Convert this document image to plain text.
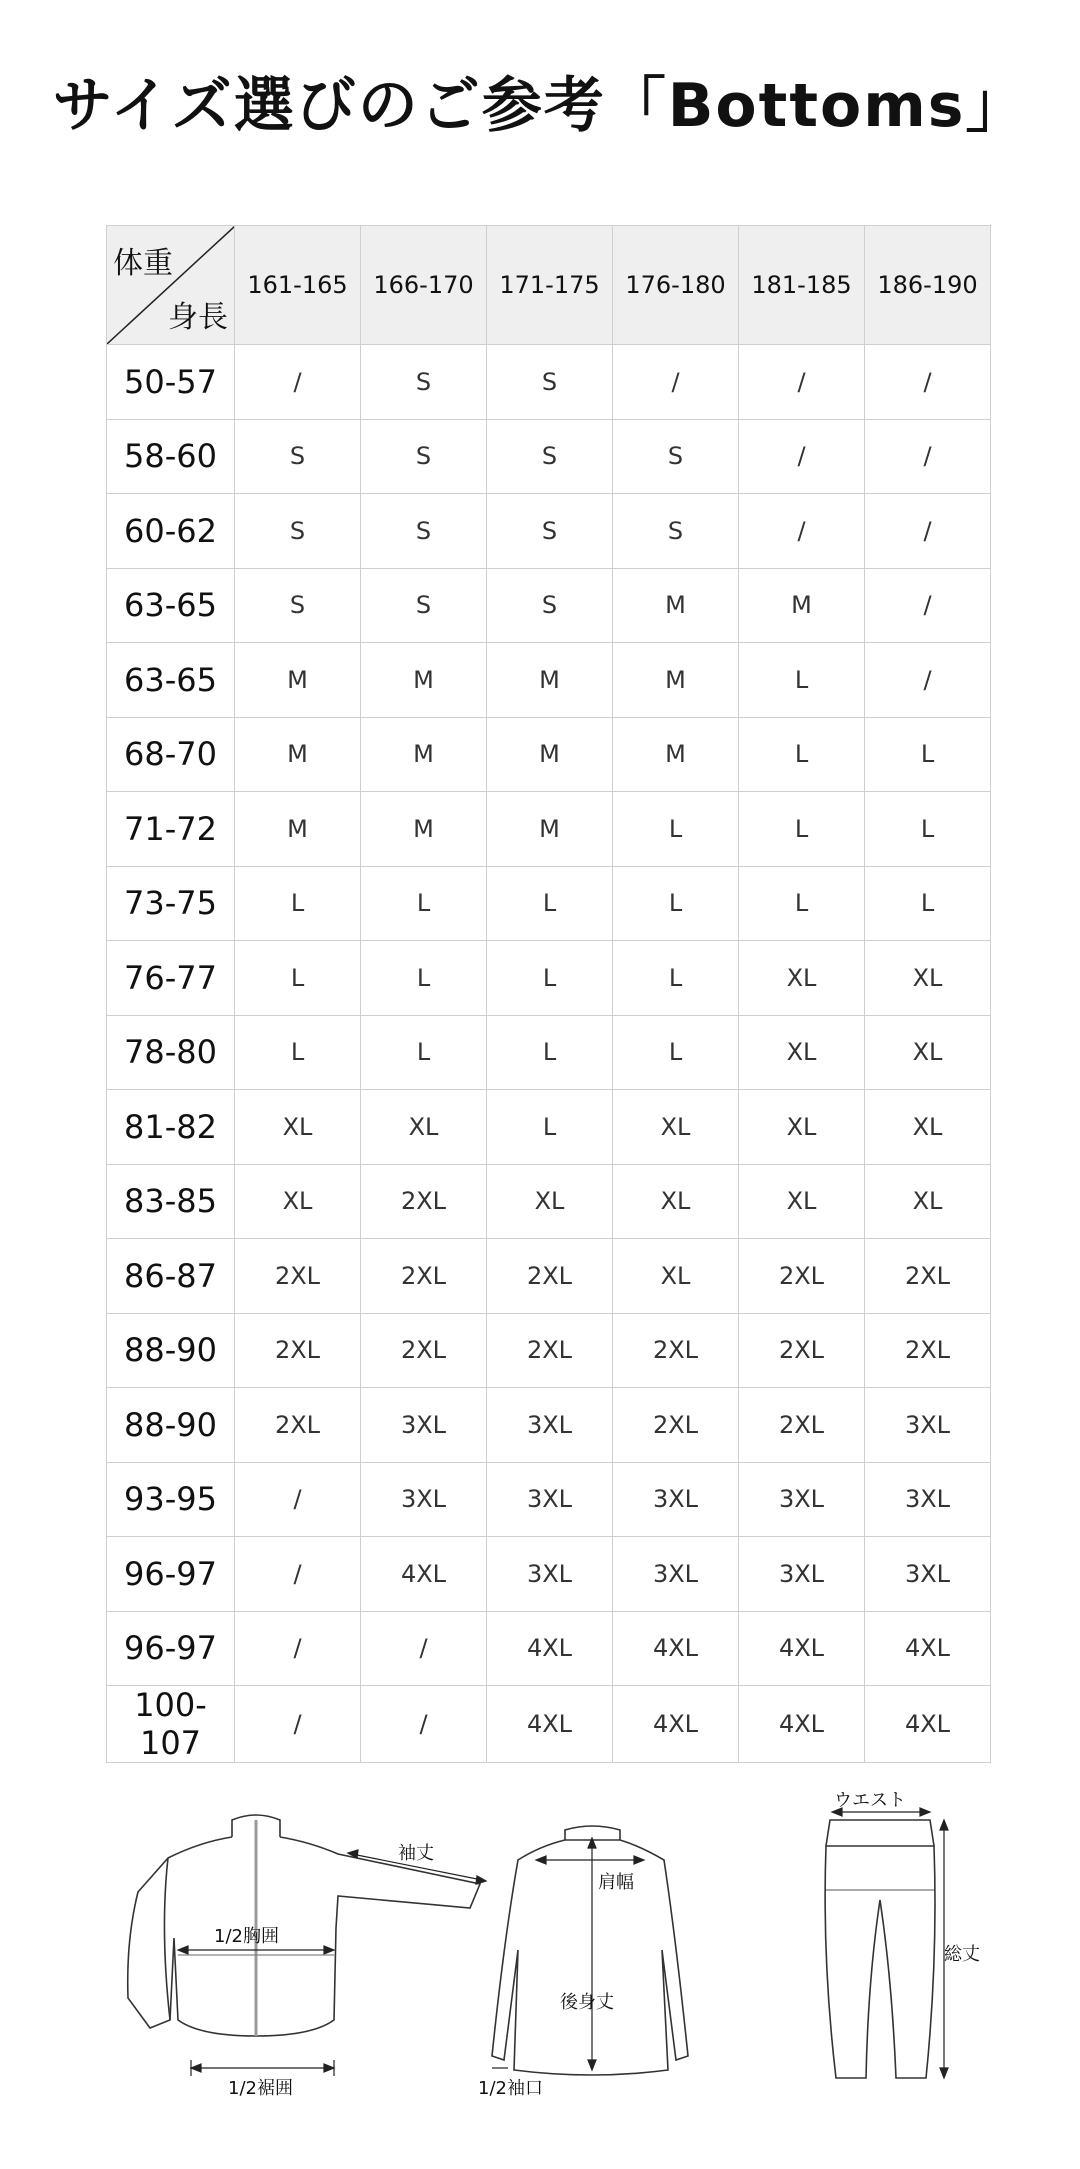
サイズ選びのご参考「Bottoms」
体重
身長	161-165	166-170	171-175	176-180	181-185	186-190
50-57	/	S	S	/	/	/
58-60	S	S	S	S	/	/
60-62	S	S	S	S	/	/
63-65	S	S	S	M	M	/
63-65	M	M	M	M	L	/
68-70	M	M	M	M	L	L
71-72	M	M	M	L	L	L
73-75	L	L	L	L	L	L
76-77	L	L	L	L	XL	XL
78-80	L	L	L	L	XL	XL
81-82	XL	XL	L	XL	XL	XL
83-85	XL	2XL	XL	XL	XL	XL
86-87	2XL	2XL	2XL	XL	2XL	2XL
88-90	2XL	2XL	2XL	2XL	2XL	2XL
88-90	2XL	3XL	3XL	2XL	2XL	3XL
93-95	/	3XL	3XL	3XL	3XL	3XL
96-97	/	4XL	3XL	3XL	3XL	3XL
96-97	/	/	4XL	4XL	4XL	4XL
100-107	/	/	4XL	4XL	4XL	4XL
袖丈
1/2胸囲
1/2裾囲
肩幅
後身丈
1/2袖口
ウエスト
総丈
